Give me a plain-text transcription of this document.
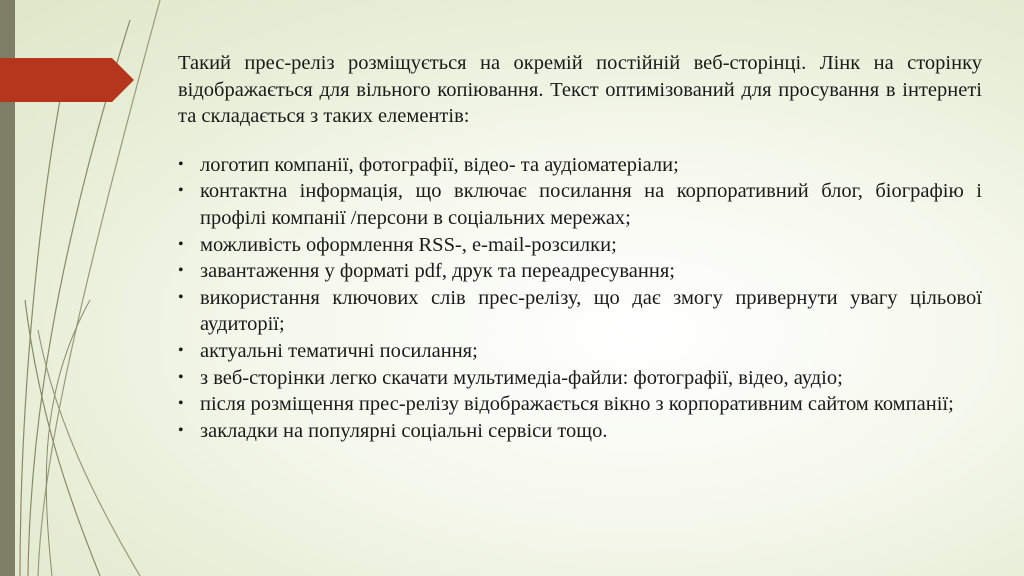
Такий прес-реліз розміщується на окремій постійній веб-сторінці. Лінк на сторінку відображається для вільного копіювання. Текст оптимізований для просування в інтернеті та складається з таких елементів:

• логотип компанії, фотографії, відео- та аудіоматеріали;
• контактна інформація, що включає посилання на корпоративний блог, біографію і профілі компанії /персони в соціальних мережах;
• можливість оформлення RSS-, e-mail-розсилки;
• завантаження у форматі pdf, друк та переадресування;
• використання ключових слів прес-релізу, що дає змогу привернути увагу цільової аудиторії;
• актуальні тематичні посилання;
• з веб-сторінки легко скачати мультимедіа-файли: фотографії, відео, аудіо;
• після розміщення прес-релізу відображається вікно з корпоративним сайтом компанії;
• закладки на популярні соціальні сервіси тощо.
